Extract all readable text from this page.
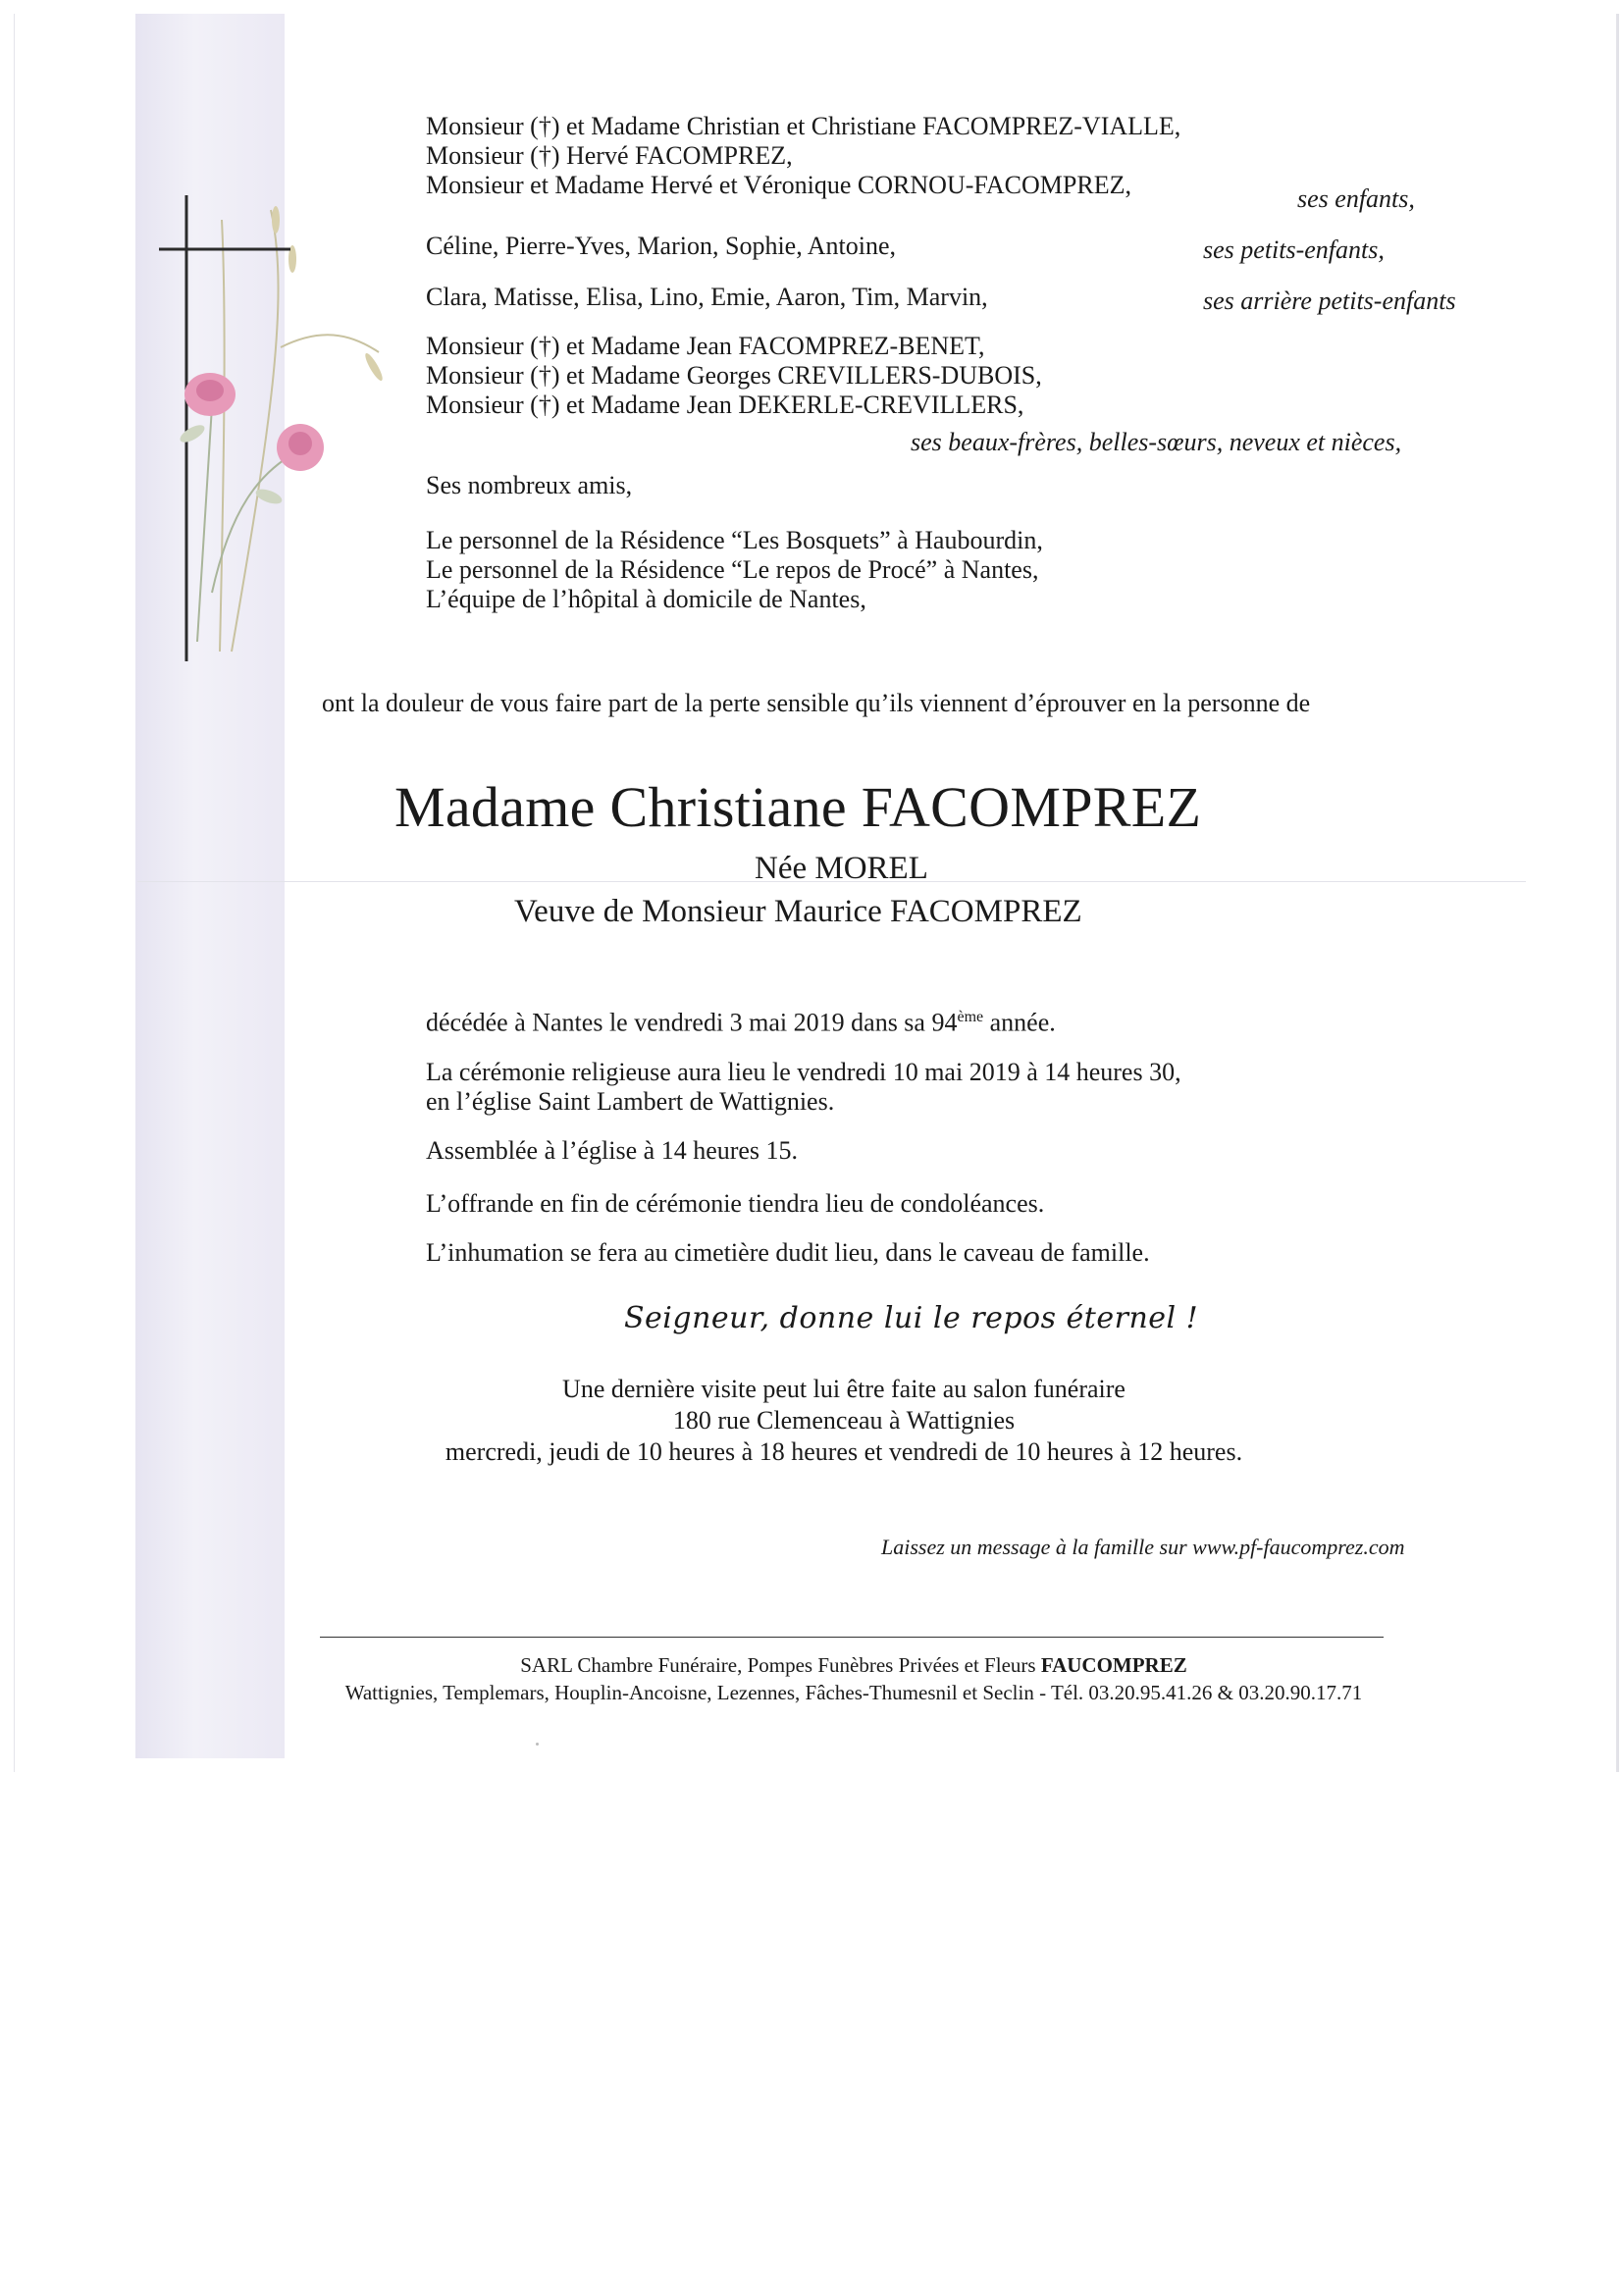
Monsieur (†) et Madame Christian et Christiane FACOMPREZ-VIALLE,
Monsieur (†) Hervé FACOMPREZ,
Monsieur et Madame Hervé et Véronique CORNOU-FACOMPREZ,	ses enfants,
Céline, Pierre-Yves, Marion, Sophie, Antoine,	ses petits-enfants,
Clara, Matisse, Elisa, Lino, Emie, Aaron, Tim, Marvin,	ses arrière petits-enfants
Monsieur (†) et Madame Jean FACOMPREZ-BENET,
Monsieur (†) et Madame Georges CREVILLERS-DUBOIS,
Monsieur (†) et Madame Jean DEKERLE-CREVILLERS,
ses beaux-frères, belles-sœurs, neveux et nièces,
Ses nombreux amis,
Le personnel de la Résidence “Les Bosquets” à Haubourdin,
Le personnel de la Résidence “Le repos de Procé” à Nantes,
L’équipe de l’hôpital à domicile de Nantes,
ont la douleur de vous faire part de la perte sensible qu’ils viennent d’éprouver en la personne de
Madame Christiane FACOMPREZ
Née MOREL
Veuve de Monsieur Maurice FACOMPREZ
décédée à Nantes le vendredi 3 mai 2019 dans sa 94ème année.
La cérémonie religieuse aura lieu le vendredi 10 mai 2019 à 14 heures 30,
en l’église Saint Lambert de Wattignies.
Assemblée à l’église à 14 heures 15.
L’offrande en fin de cérémonie tiendra lieu de condoléances.
L’inhumation se fera au cimetière dudit lieu, dans le caveau de famille.
Seigneur, donne lui le repos éternel !
Une dernière visite peut lui être faite au salon funéraire
180 rue Clemenceau à Wattignies
mercredi, jeudi de 10 heures à 18 heures et vendredi de 10 heures à 12 heures.
Laissez un message à la famille sur www.pf-faucomprez.com
SARL Chambre Funéraire, Pompes Funèbres Privées et Fleurs FAUCOMPREZ
Wattignies, Templemars, Houplin-Ancoisne, Lezennes, Fâches-Thumesnil et Seclin - Tél. 03.20.95.41.26 & 03.20.90.17.71
